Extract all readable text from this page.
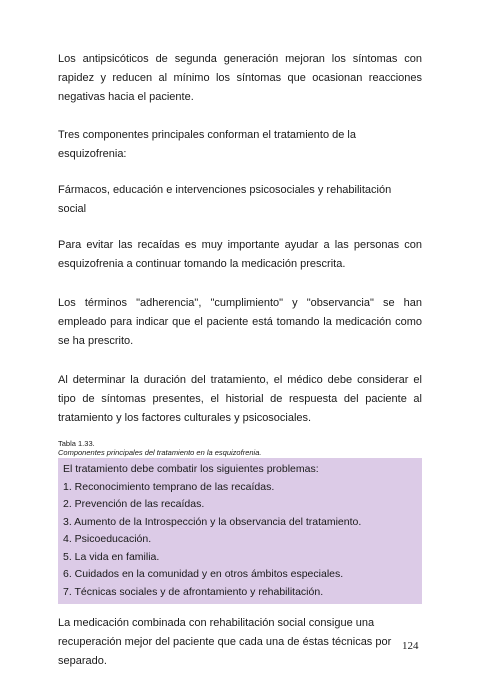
Los antipsicóticos de segunda generación mejoran los síntomas con rapidez y reducen al mínimo los síntomas que ocasionan reacciones negativas hacia el paciente.

Tres componentes principales conforman el tratamiento de la esquizofrenia:

Fármacos, educación e intervenciones psicosociales y rehabilitación social

Para evitar las recaídas es muy importante ayudar a las personas con esquizofrenia a continuar tomando la medicación prescrita.

Los términos "adherencia", "cumplimiento" y "observancia" se han empleado para indicar que el paciente está tomando la medicación como se ha prescrito.

Al determinar la duración del tratamiento, el médico debe considerar el tipo de síntomas presentes, el historial de respuesta del paciente al tratamiento y los factores culturales y psicosociales.

Tabla 1.33.
Componentes principales del tratamiento en la esquizofrenia.
El tratamiento debe combatir los siguientes problemas:
1. Reconocimiento temprano de las recaídas.
2. Prevención de las recaídas.
3. Aumento de la Introspección y la observancia del tratamiento.
4. Psicoeducación.
5. La vida en familia.
6. Cuidados en la comunidad y en otros ámbitos especiales.
7. Técnicas sociales y de afrontamiento y rehabilitación.

La medicación combinada con rehabilitación social consigue una recuperación mejor del paciente que cada una de éstas técnicas por separado.

124
